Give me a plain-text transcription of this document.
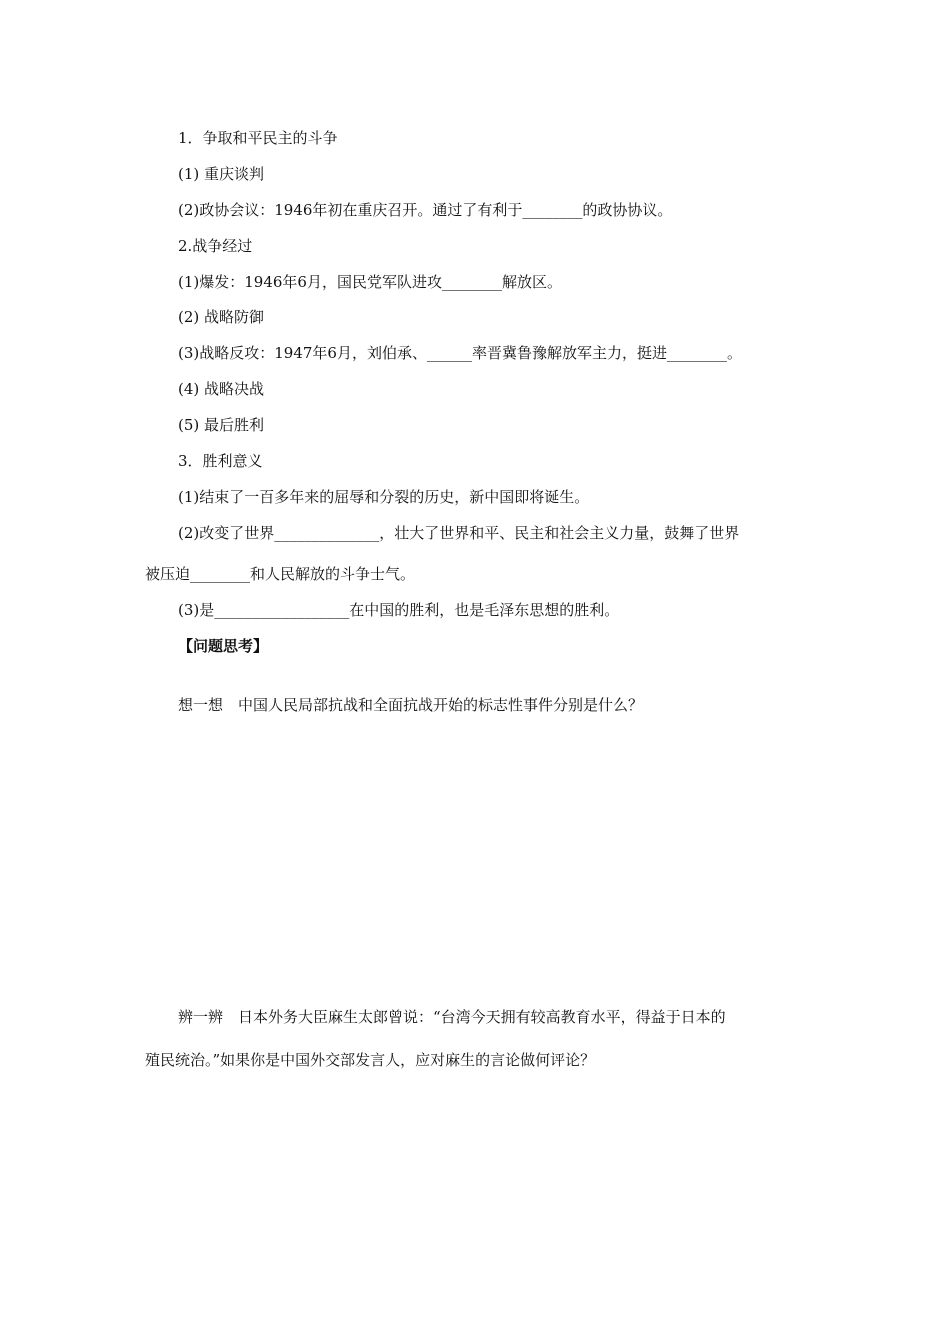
1．争取和平民主的斗争
(1) 重庆谈判
(2)政协会议：1946年初在重庆召开。通过了有利于________的政协协议。
2.战争经过
(1)爆发：1946年6月，国民党军队进攻________解放区。
(2) 战略防御
(3)战略反攻：1947年6月，刘伯承、______率晋冀鲁豫解放军主力，挺进________。
(4) 战略决战
(5) 最后胜利
3．胜利意义
(1)结束了一百多年来的屈辱和分裂的历史，新中国即将诞生。
(2)改变了世界______________，壮大了世界和平、民主和社会主义力量，鼓舞了世界
被压迫________和人民解放的斗争士气。
(3)是__________________在中国的胜利，也是毛泽东思想的胜利。
【问题思考】
想一想　中国人民局部抗战和全面抗战开始的标志性事件分别是什么？
辨一辨　日本外务大臣麻生太郎曾说：“台湾今天拥有较高教育水平，得益于日本的
殖民统治。”如果你是中国外交部发言人，应对麻生的言论做何评论？
